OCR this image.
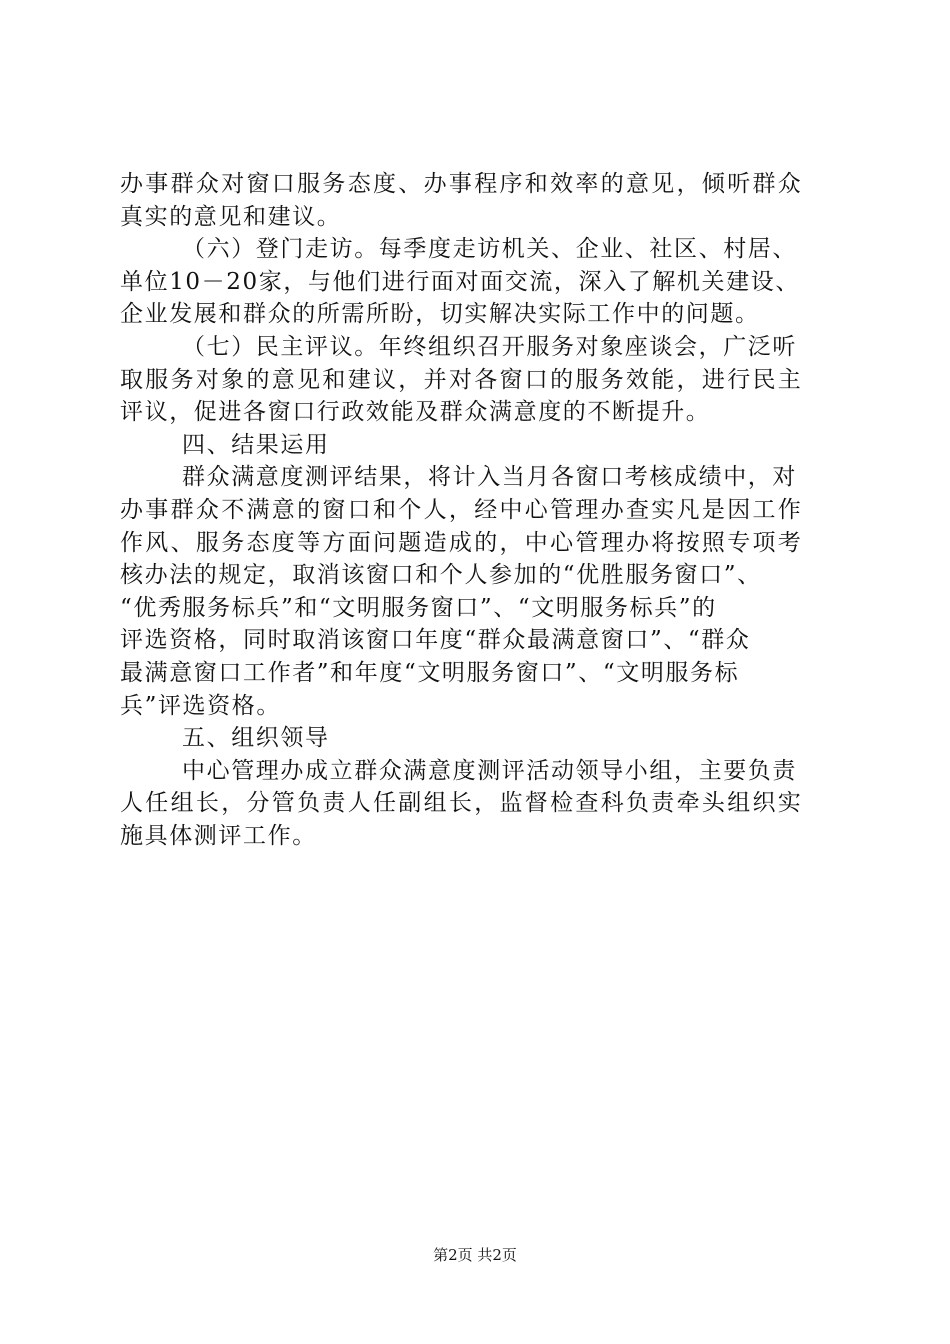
办事群众对窗口服务态度、办事程序和效率的意见，倾听群众
真实的意见和建议。
（六）登门走访。每季度走访机关、企业、社区、村居、
单位10－20家，与他们进行面对面交流，深入了解机关建设、
企业发展和群众的所需所盼，切实解决实际工作中的问题。
（七）民主评议。年终组织召开服务对象座谈会，广泛听
取服务对象的意见和建议，并对各窗口的服务效能，进行民主
评议，促进各窗口行政效能及群众满意度的不断提升。
四、结果运用
群众满意度测评结果，将计入当月各窗口考核成绩中，对
办事群众不满意的窗口和个人，经中心管理办查实凡是因工作
作风、服务态度等方面问题造成的，中心管理办将按照专项考
核办法的规定，取消该窗口和个人参加的“优胜服务窗口”、
“优秀服务标兵”和“文明服务窗口”、“文明服务标兵”的
评选资格，同时取消该窗口年度“群众最满意窗口”、“群众
最满意窗口工作者”和年度“文明服务窗口”、“文明服务标
兵”评选资格。
五、组织领导
中心管理办成立群众满意度测评活动领导小组，主要负责
人任组长，分管负责人任副组长，监督检查科负责牵头组织实
施具体测评工作。
第2页 共2页
